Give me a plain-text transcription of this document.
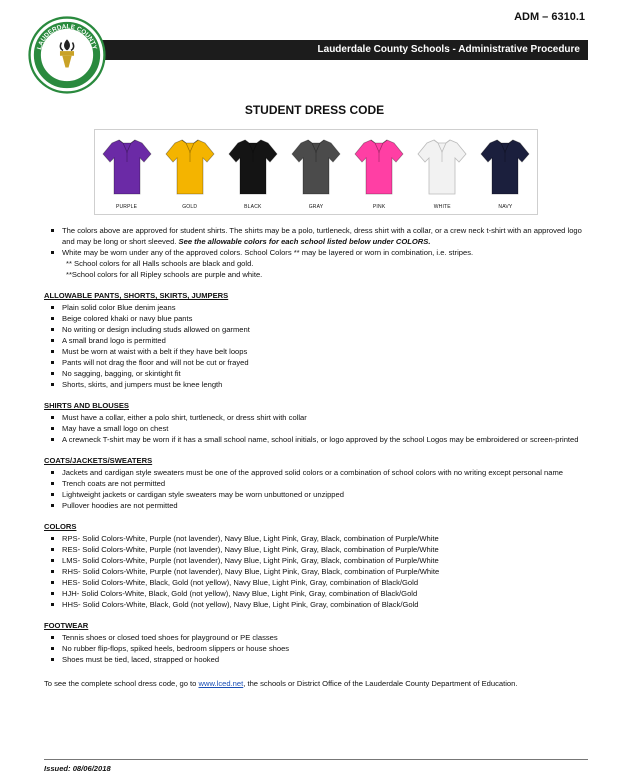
ADM – 6310.1
Lauderdale County Schools - Administrative Procedure
LAUDERDALE COUNTY
SCHOOLS
STUDENT DRESS CODE
PURPLE	GOLD	BLACK	GRAY	PINK	WHITE	NAVY
The colors above are approved for student shirts. The shirts may be a polo, turtleneck, dress shirt with a collar, or a crew neck t-shirt with an approved logo and may be long or short sleeved. See the allowable colors for each school listed below under COLORS.
White may be worn under any of the approved colors. School Colors ** may be layered or worn in combination, i.e. stripes.
** School colors for all Halls schools are black and gold.
**School colors for all Ripley schools are purple and white.
ALLOWABLE PANTS, SHORTS, SKIRTS, JUMPERS
Plain solid color Blue denim jeans
Beige colored khaki or navy blue pants
No writing or design including studs allowed on garment
A small brand logo is permitted
Must be worn at waist with a belt if they have belt loops
Pants will not drag the floor and will not be cut or frayed
No sagging, bagging, or skintight fit
Shorts, skirts, and jumpers must be knee length
SHIRTS AND BLOUSES
Must have a collar, either a polo shirt, turtleneck, or dress shirt with collar
May have a small logo on chest
A crewneck T-shirt may be worn if it has a small school name, school initials, or logo approved by the school Logos may be embroidered or screen-printed
COATS/JACKETS/SWEATERS
Jackets and cardigan style sweaters must be one of the approved solid colors or a combination of school colors with no writing except personal name
Trench coats are not permitted
Lightweight jackets or cardigan style sweaters may be worn unbuttoned or unzipped
Pullover hoodies are not permitted
COLORS
RPS- Solid Colors-White, Purple (not lavender), Navy Blue, Light Pink, Gray, Black, combination of Purple/White
RES- Solid Colors-White, Purple (not lavender), Navy Blue, Light Pink, Gray, Black, combination of Purple/White
LMS- Solid Colors-White, Purple (not lavender), Navy Blue, Light Pink, Gray, Black, combination of Purple/White
RHS- Solid Colors-White, Purple (not lavender), Navy Blue, Light Pink, Gray, Black, combination of Purple/White
HES- Solid Colors-White, Black, Gold (not yellow), Navy Blue, Light Pink, Gray, combination of Black/Gold
HJH- Solid Colors-White, Black, Gold (not yellow), Navy Blue, Light Pink, Gray, combination of Black/Gold
HHS- Solid Colors-White, Black, Gold (not yellow), Navy Blue, Light Pink, Gray, combination of Black/Gold
FOOTWEAR
Tennis shoes or closed toed shoes for playground or PE classes
No rubber flip-flops, spiked heels, bedroom slippers or house shoes
Shoes must be tied, laced, strapped or hooked
To see the complete school dress code, go to www.lced.net, the schools or District Office of the Lauderdale County Department of Education.
Issued: 08/06/2018
